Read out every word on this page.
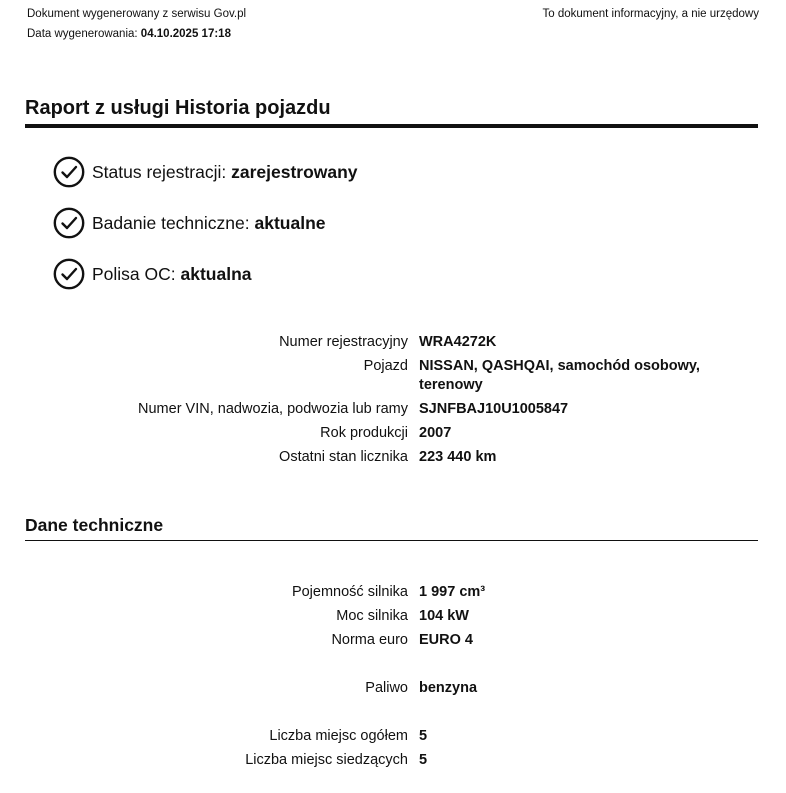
Dokument wygenerowany z serwisu Gov.pl
Data wygenerowania: 04.10.2025 17:18
To dokument informacyjny, a nie urzędowy
Raport z usługi Historia pojazdu
Status rejestracji:
zarejestrowany
Badanie techniczne:
aktualne
Polisa OC:
aktualna
Numer rejestracyjny	WRA4272K
Pojazd	NISSAN, QASHQAI, samochód osobowy, terenowy
Numer VIN, nadwozia, podwozia lub ramy	SJNFBAJ10U1005847
Rok produkcji	2007
Ostatni stan licznika	223 440 km
Dane techniczne
Pojemność silnika	1 997 cm³
Moc silnika	104 kW
Norma euro	EURO 4

Paliwo	benzyna

Liczba miejsc ogółem	5
Liczba miejsc siedzących	5
